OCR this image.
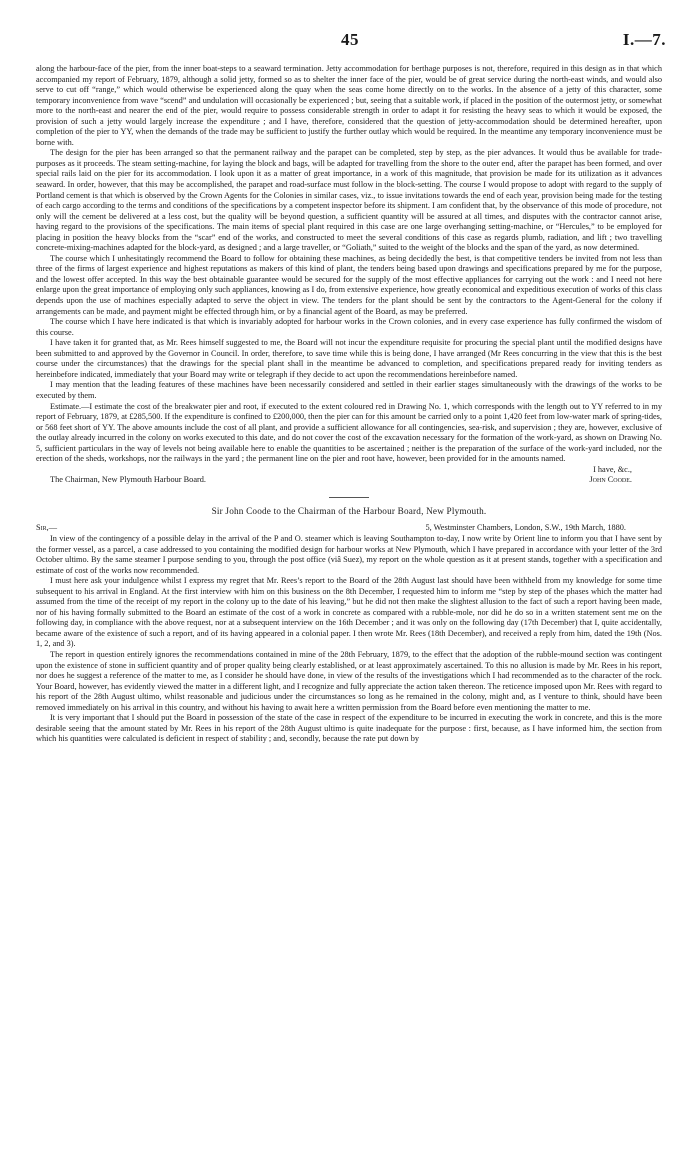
45	I.—7.

along the harbour-face of the pier, from the inner boat-steps to a seaward termination. Jetty accommodation for berthage purposes is not, therefore, required in this design as in that which accompanied my report of February, 1879, although a solid jetty, formed so as to shelter the inner face of the pier, would be of great service during the north-east winds, and would also serve to cut off “range,” which would otherwise be experienced along the quay when the seas come home directly on to the works. In the absence of a jetty of this character, some temporary inconvenience from wave “scend” and undulation will occasionally be experienced ; but, seeing that a suitable work, if placed in the position of the outermost jetty, or somewhat more to the north-east and nearer the end of the pier, would require to possess considerable strength in order to adapt it for resisting the heavy seas to which it would be exposed, the provision of such a jetty would largely increase the expenditure ; and I have, therefore, considered that the question of jetty-accommodation should be determined hereafter, upon completion of the pier to YY, when the demands of the trade may be sufficient to justify the further outlay which would be required. In the meantime any temporary inconvenience must be borne with.

The design for the pier has been arranged so that the permanent railway and the parapet can be completed, step by step, as the pier advances. It would thus be available for trade-purposes as it proceeds. The steam setting-machine, for laying the block and bags, will be adapted for travelling from the shore to the outer end, after the parapet has been formed, and over special rails laid on the pier for its accommodation. I look upon it as a matter of great importance, in a work of this magnitude, that provision be made for its utilization as it advances seaward. In order, however, that this may be accomplished, the parapet and road-surface must follow in the block-setting. The course I would propose to adopt with regard to the supply of Portland cement is that which is observed by the Crown Agents for the Colonies in similar cases, viz., to issue invitations towards the end of each year, provision being made for the testing of each cargo according to the terms and conditions of the specifications by a competent inspector before its shipment. I am confident that, by the observance of this mode of procedure, not only will the cement be delivered at a less cost, but the quality will be beyond question, a sufficient quantity will be assured at all times, and disputes with the contractor cannot arise, having regard to the provisions of the specifications. The main items of special plant required in this case are one large overhanging setting-machine, or “Hercules,” to be employed for placing in position the heavy blocks from the “scar” end of the works, and constructed to meet the several conditions of this case as regards plumb, radiation, and lift ; two travelling concrete-mixing-machines adapted for the block-yard, as designed ; and a large traveller, or “Goliath,” suited to the weight of the blocks and the span of the yard, as now determined.

The course which I unhesitatingly recommend the Board to follow for obtaining these machines, as being decidedly the best, is that competitive tenders be invited from not less than three of the firms of largest experience and highest reputations as makers of this kind of plant, the tenders being based upon drawings and specifications prepared by me for the purpose, and the lowest offer accepted. In this way the best obtainable guarantee would be secured for the supply of the most effective appliances for carrying out the work : and I need not here enlarge upon the great importance of employing only such appliances, knowing as I do, from extensive experience, how greatly economical and expeditious execution of works of this class depends upon the use of machines especially adapted to serve the object in view. The tenders for the plant should be sent by the contractors to the Agent-General for the colony if arrangements can be made, and payment might be effected through him, or by a financial agent of the Board, as may be preferred.

The course which I have here indicated is that which is invariably adopted for harbour works in the Crown colonies, and in every case experience has fully confirmed the wisdom of this course.

I have taken it for granted that, as Mr. Rees himself suggested to me, the Board will not incur the expenditure requisite for procuring the special plant until the modified designs have been submitted to and approved by the Governor in Council. In order, therefore, to save time while this is being done, I have arranged (Mr Rees concurring in the view that this is the best course under the circumstances) that the drawings for the special plant shall in the meantime be advanced to completion, and specifications prepared ready for inviting tenders as hereinbefore indicated, immediately that your Board may write or telegraph if they decide to act upon the recommendations hereinbefore named.

I may mention that the leading features of these machines have been necessarily considered and settled in their earlier stages simultaneously with the drawings of the works to be executed by them.

Estimate.—I estimate the cost of the breakwater pier and root, if executed to the extent coloured red in Drawing No. 1, which corresponds with the length out to YY referred to in my report of February, 1879, at £285,500. If the expenditure is confined to £200,000, then the pier can for this amount be carried only to a point 1,420 feet from low-water mark of spring-tides, or 568 feet short of YY. The above amounts include the cost of all plant, and provide a sufficient allowance for all contingencies, sea-risk, and supervision ; they are, however, exclusive of the outlay already incurred in the colony on works executed to this date, and do not cover the cost of the excavation necessary for the formation of the work-yard, as shown on Drawing No. 5, sufficient particulars in the way of levels not being available here to enable the quantities to be ascertained ; neither is the preparation of the surface of the work-yard included, nor the erection of the sheds, workshops, nor the railways in the yard ; the permanent line on the pier and root have, however, been provided for in the amounts named.

I have, &c.,
The Chairman, New Plymouth Harbour Board.	John Coode.
Sir John Coode to the Chairman of the Harbour Board, New Plymouth.
Sir,—	5, Westminster Chambers, London, S.W., 19th March, 1880.

In view of the contingency of a possible delay in the arrival of the P and O. steamer which is leaving Southampton to-day, I now write by Orient line to inform you that I have sent by the former vessel, as a parcel, a case addressed to you containing the modified design for harbour works at New Plymouth, which I have prepared in accordance with your letter of the 3rd October ultimo. By the same steamer I purpose sending to you, through the post office (viâ Suez), my report on the whole question as it at present stands, together with a specification and estimate of cost of the works now recommended.

I must here ask your indulgence whilst I express my regret that Mr. Rees’s report to the Board of the 28th August last should have been withheld from my knowledge for some time subsequent to his arrival in England. At the first interview with him on this business on the 8th December, I requested him to inform me “step by step of the phases which the matter had assumed from the time of the receipt of my report in the colony up to the date of his leaving,” but he did not then make the slightest allusion to the fact of such a report having been made, nor of his having formally submitted to the Board an estimate of the cost of a work in concrete as compared with a rubble-mole, nor did he do so in a written statement sent me on the following day, in compliance with the above request, nor at a subsequent interview on the 16th December ; and it was only on the following day (17th December) that I, quite accidentally, became aware of the existence of such a report, and of its having appeared in a colonial paper. I then wrote Mr. Rees (18th December), and received a reply from him, dated the 19th (Nos. 1, 2, and 3).

The report in question entirely ignores the recommendations contained in mine of the 28th February, 1879, to the effect that the adoption of the rubble-mound section was contingent upon the existence of stone in sufficient quantity and of proper quality being clearly established, or at least approximately ascertained. To this no allusion is made by Mr. Rees in his report, nor does he suggest a reference of the matter to me, as I consider he should have done, in view of the results of the investigations which I had recommended as to the character of the rock. Your Board, however, has evidently viewed the matter in a different light, and I recognize and fully appreciate the action taken thereon. The reticence imposed upon Mr. Rees with regard to his report of the 28th August ultimo, whilst reasonable and judicious under the circumstances so long as he remained in the colony, might and, as I venture to think, should have been removed immediately on his arrival in this country, and without his having to await here a written permission from the Board before even mentioning the matter to me.

It is very important that I should put the Board in possession of the state of the case in respect of the expenditure to be incurred in executing the work in concrete, and this is the more desirable seeing that the amount stated by Mr. Rees in his report of the 28th August ultimo is quite inadequate for the purpose : first, because, as I have informed him, the section from which his quantities were calculated is deficient in respect of stability ; and, secondly, because the rate put down by
